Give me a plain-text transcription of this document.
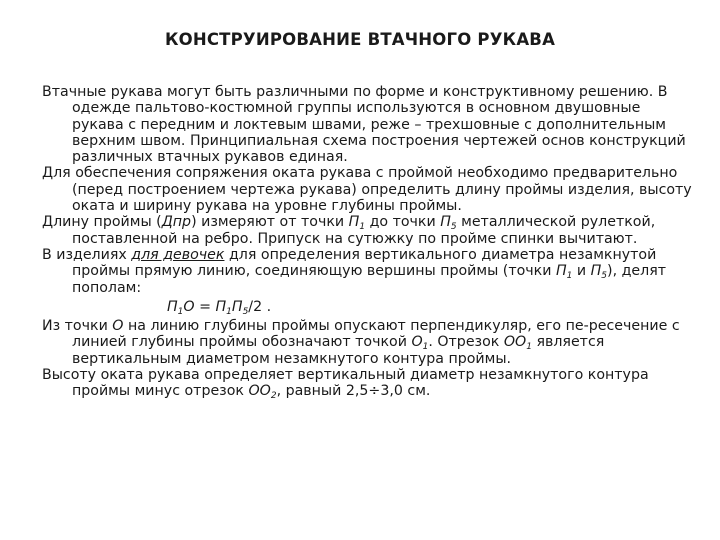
КОНСТРУИРОВАНИЕ ВТАЧНОГО РУКАВА

Втачные рукава могут быть различными по форме и конструктивному решению. В одежде пальтово-костюмной группы используются в основном двушовные рукава с передним и локтевым швами, реже – трехшовные с дополнительным верхним швом. Принципиальная схема построения чертежей основ конструкций различных втачных рукавов единая.

Для обеспечения сопряжения оката рукава с проймой необходимо предварительно (перед построением чертежа рукава) определить длину проймы изделия, высоту оката и ширину рукава на уровне глубины проймы.

Длину проймы (Дпр) измеряют от точки $П_1$ до точки $П_5$ металлической рулеткой, поставленной на ребро. Припуск на сутюжку по пройме спинки вычитают.

В изделиях для девочек для определения вертикального диаметра незамкнутой проймы прямую линию, соединяющую вершины проймы (точки $П_1$ и $П_5$), делят пополам:

$П_1О = П_1П_5/2$ .

Из точки О на линию глубины проймы опускают перпендикуляр, его пе-ресечение с линией глубины проймы обозначают точкой $О_1$. Отрезок $ОО_1$ является вертикальным диаметром незамкнутого контура проймы.

Высоту оката рукава определяет вертикальный диаметр незамкнутого контура проймы минус отрезок $ОО_2$, равный 2,5÷3,0 см.
